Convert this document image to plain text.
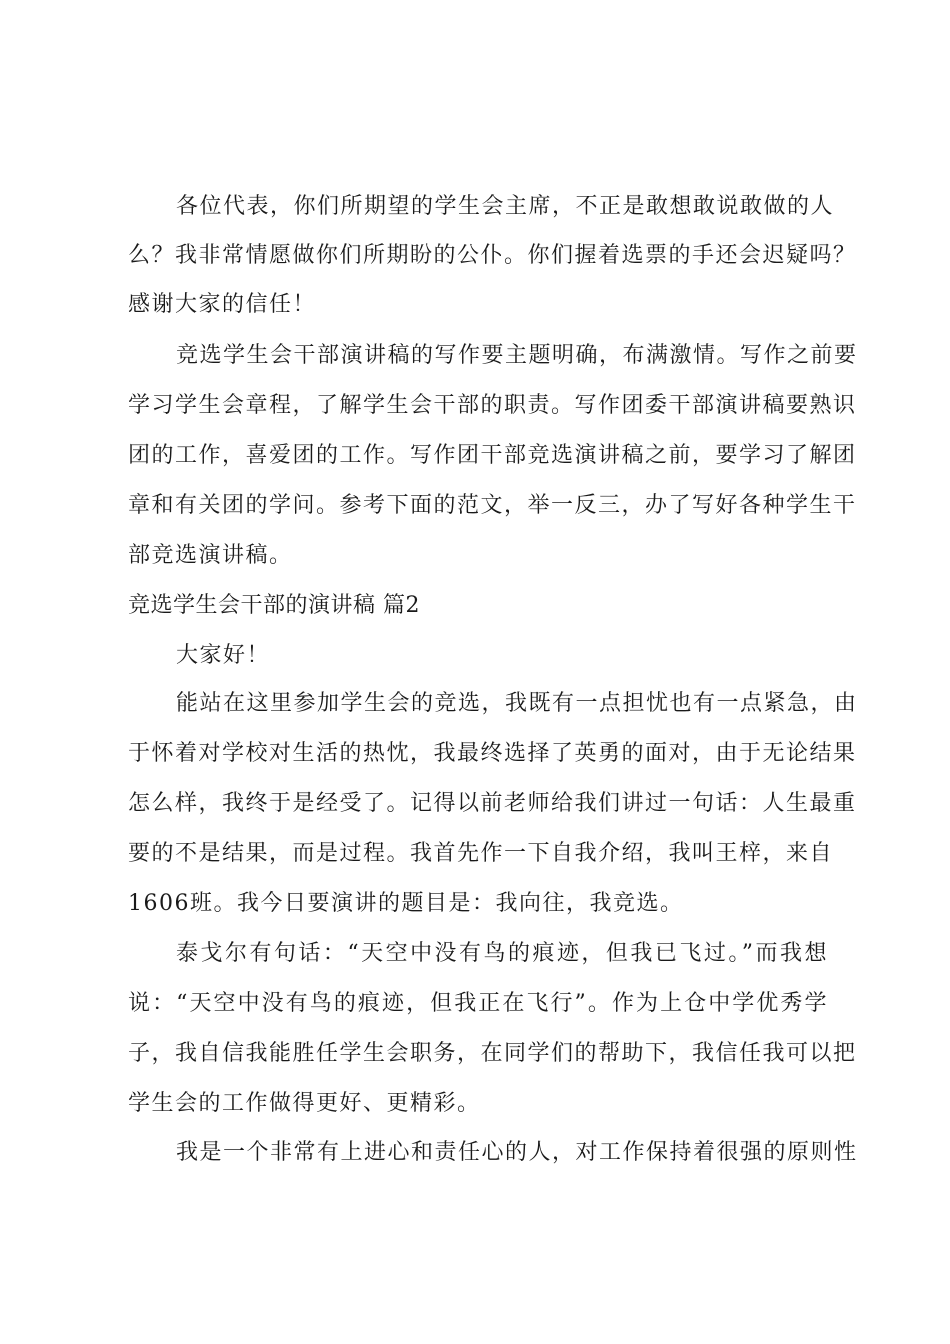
各位代表，你们所期望的学生会主席，不正是敢想敢说敢做的人
么？我非常情愿做你们所期盼的公仆。你们握着选票的手还会迟疑吗？
感谢大家的信任！
竞选学生会干部演讲稿的写作要主题明确，布满激情。写作之前要
学习学生会章程，了解学生会干部的职责。写作团委干部演讲稿要熟识
团的工作，喜爱团的工作。写作团干部竞选演讲稿之前，要学习了解团
章和有关团的学问。参考下面的范文，举一反三，办了写好各种学生干
部竞选演讲稿。
竞选学生会干部的演讲稿 篇2
大家好！
能站在这里参加学生会的竞选，我既有一点担忧也有一点紧急，由
于怀着对学校对生活的热忱，我最终选择了英勇的面对，由于无论结果
怎么样，我终于是经受了。记得以前老师给我们讲过一句话：人生最重
要的不是结果，而是过程。我首先作一下自我介绍，我叫王梓，来自
1606班。我今日要演讲的题目是：我向往，我竞选。
泰戈尔有句话：“天空中没有鸟的痕迹，但我已飞过。”而我想
说：“天空中没有鸟的痕迹，但我正在飞行”。作为上仓中学优秀学
子，我自信我能胜任学生会职务，在同学们的帮助下，我信任我可以把
学生会的工作做得更好、更精彩。
我是一个非常有上进心和责任心的人，对工作保持着很强的原则性
